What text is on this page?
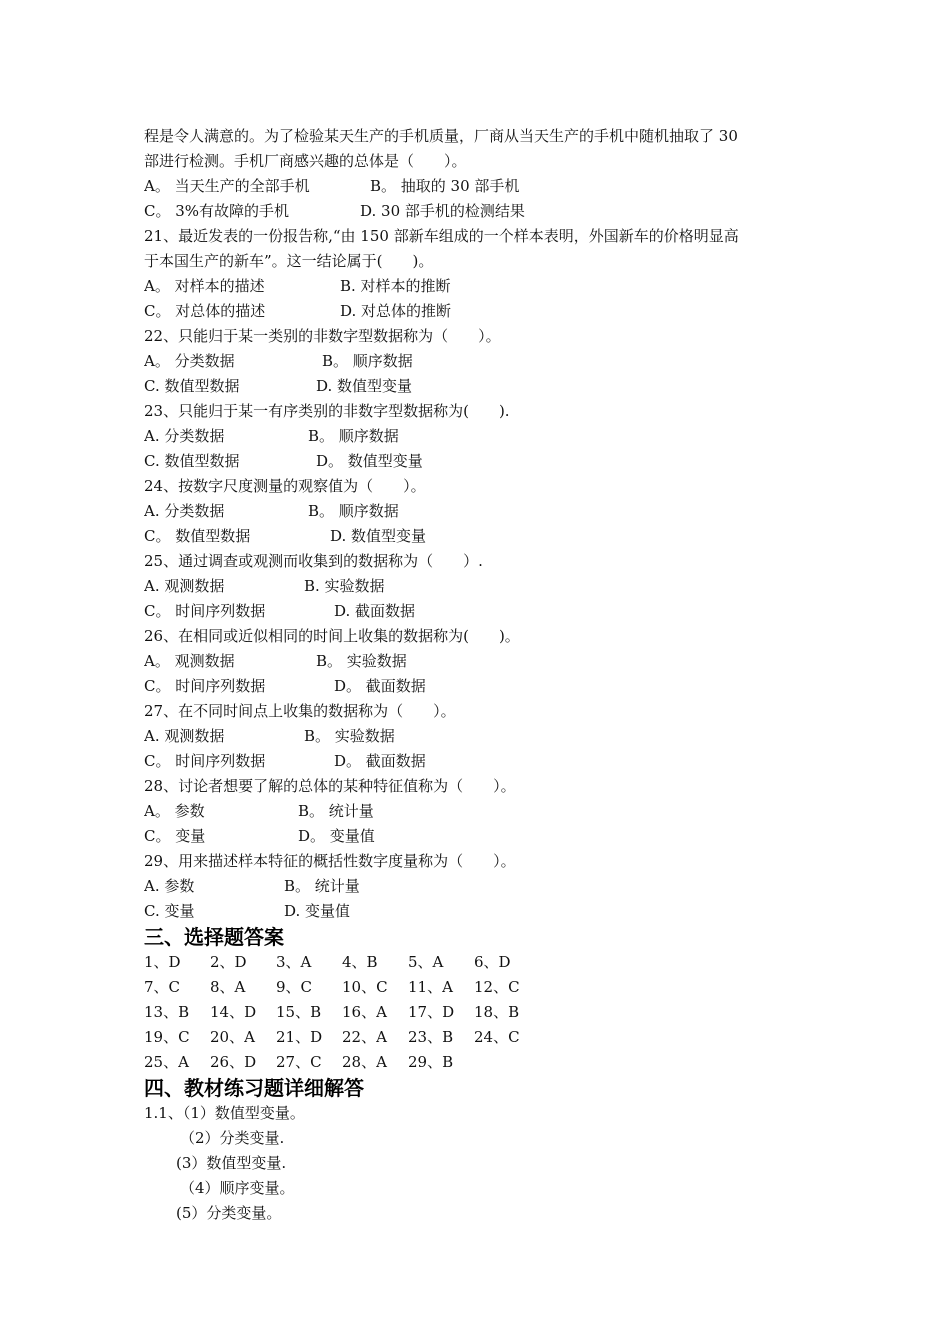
程是令人满意的。为了检验某天生产的手机质量，厂商从当天生产的手机中随机抽取了 30
部进行检测。手机厂商感兴趣的总体是（　　）。
A。 当天生产的全部手机	B。 抽取的 30 部手机
C。 3%有故障的手机	D. 30 部手机的检测结果
21、最近发表的一份报告称,“由 150 部新车组成的一个样本表明，外国新车的价格明显高
于本国生产的新车”。这一结论属于(　　)。
A。 对样本的描述	B. 对样本的推断
C。 对总体的描述	D. 对总体的推断
22、只能归于某一类别的非数字型数据称为（　　）。
A。 分类数据	B。 顺序数据
C. 数值型数据	D. 数值型变量
23、只能归于某一有序类别的非数字型数据称为(　　).
A. 分类数据	B。 顺序数据
C. 数值型数据	D。 数值型变量
24、按数字尺度测量的观察值为（　　）。
A. 分类数据	B。 顺序数据
C。 数值型数据	D. 数值型变量
25、通过调查或观测而收集到的数据称为（　　）.
A. 观测数据	B. 实验数据
C。 时间序列数据	D. 截面数据
26、在相同或近似相同的时间上收集的数据称为(　　)。
A。 观测数据	B。 实验数据
C。 时间序列数据	D。 截面数据
27、在不同时间点上收集的数据称为（　　）。
A. 观测数据	B。 实验数据
C。 时间序列数据	D。 截面数据
28、讨论者想要了解的总体的某种特征值称为（　　）。
A。 参数	B。 统计量
C。 变量	D。 变量值
29、用来描述样本特征的概括性数字度量称为（　　）。
A. 参数	B。 统计量
C. 变量	D. 变量值
三、选择题答案
1、D 2、D 3、A 4、B 5、A 6、D
7、C 8、A 9、C 10、C 11、A 12、C
13、B 14、D 15、B 16、A 17、D 18、B
19、C 20、A 21、D 22、A 23、B 24、C
25、A 26、D 27、C 28、A 29、B
四、教材练习题详细解答
1.1、（1）数值型变量。
（2）分类变量.
(3）数值型变量.
（4）顺序变量。
(5）分类变量。
